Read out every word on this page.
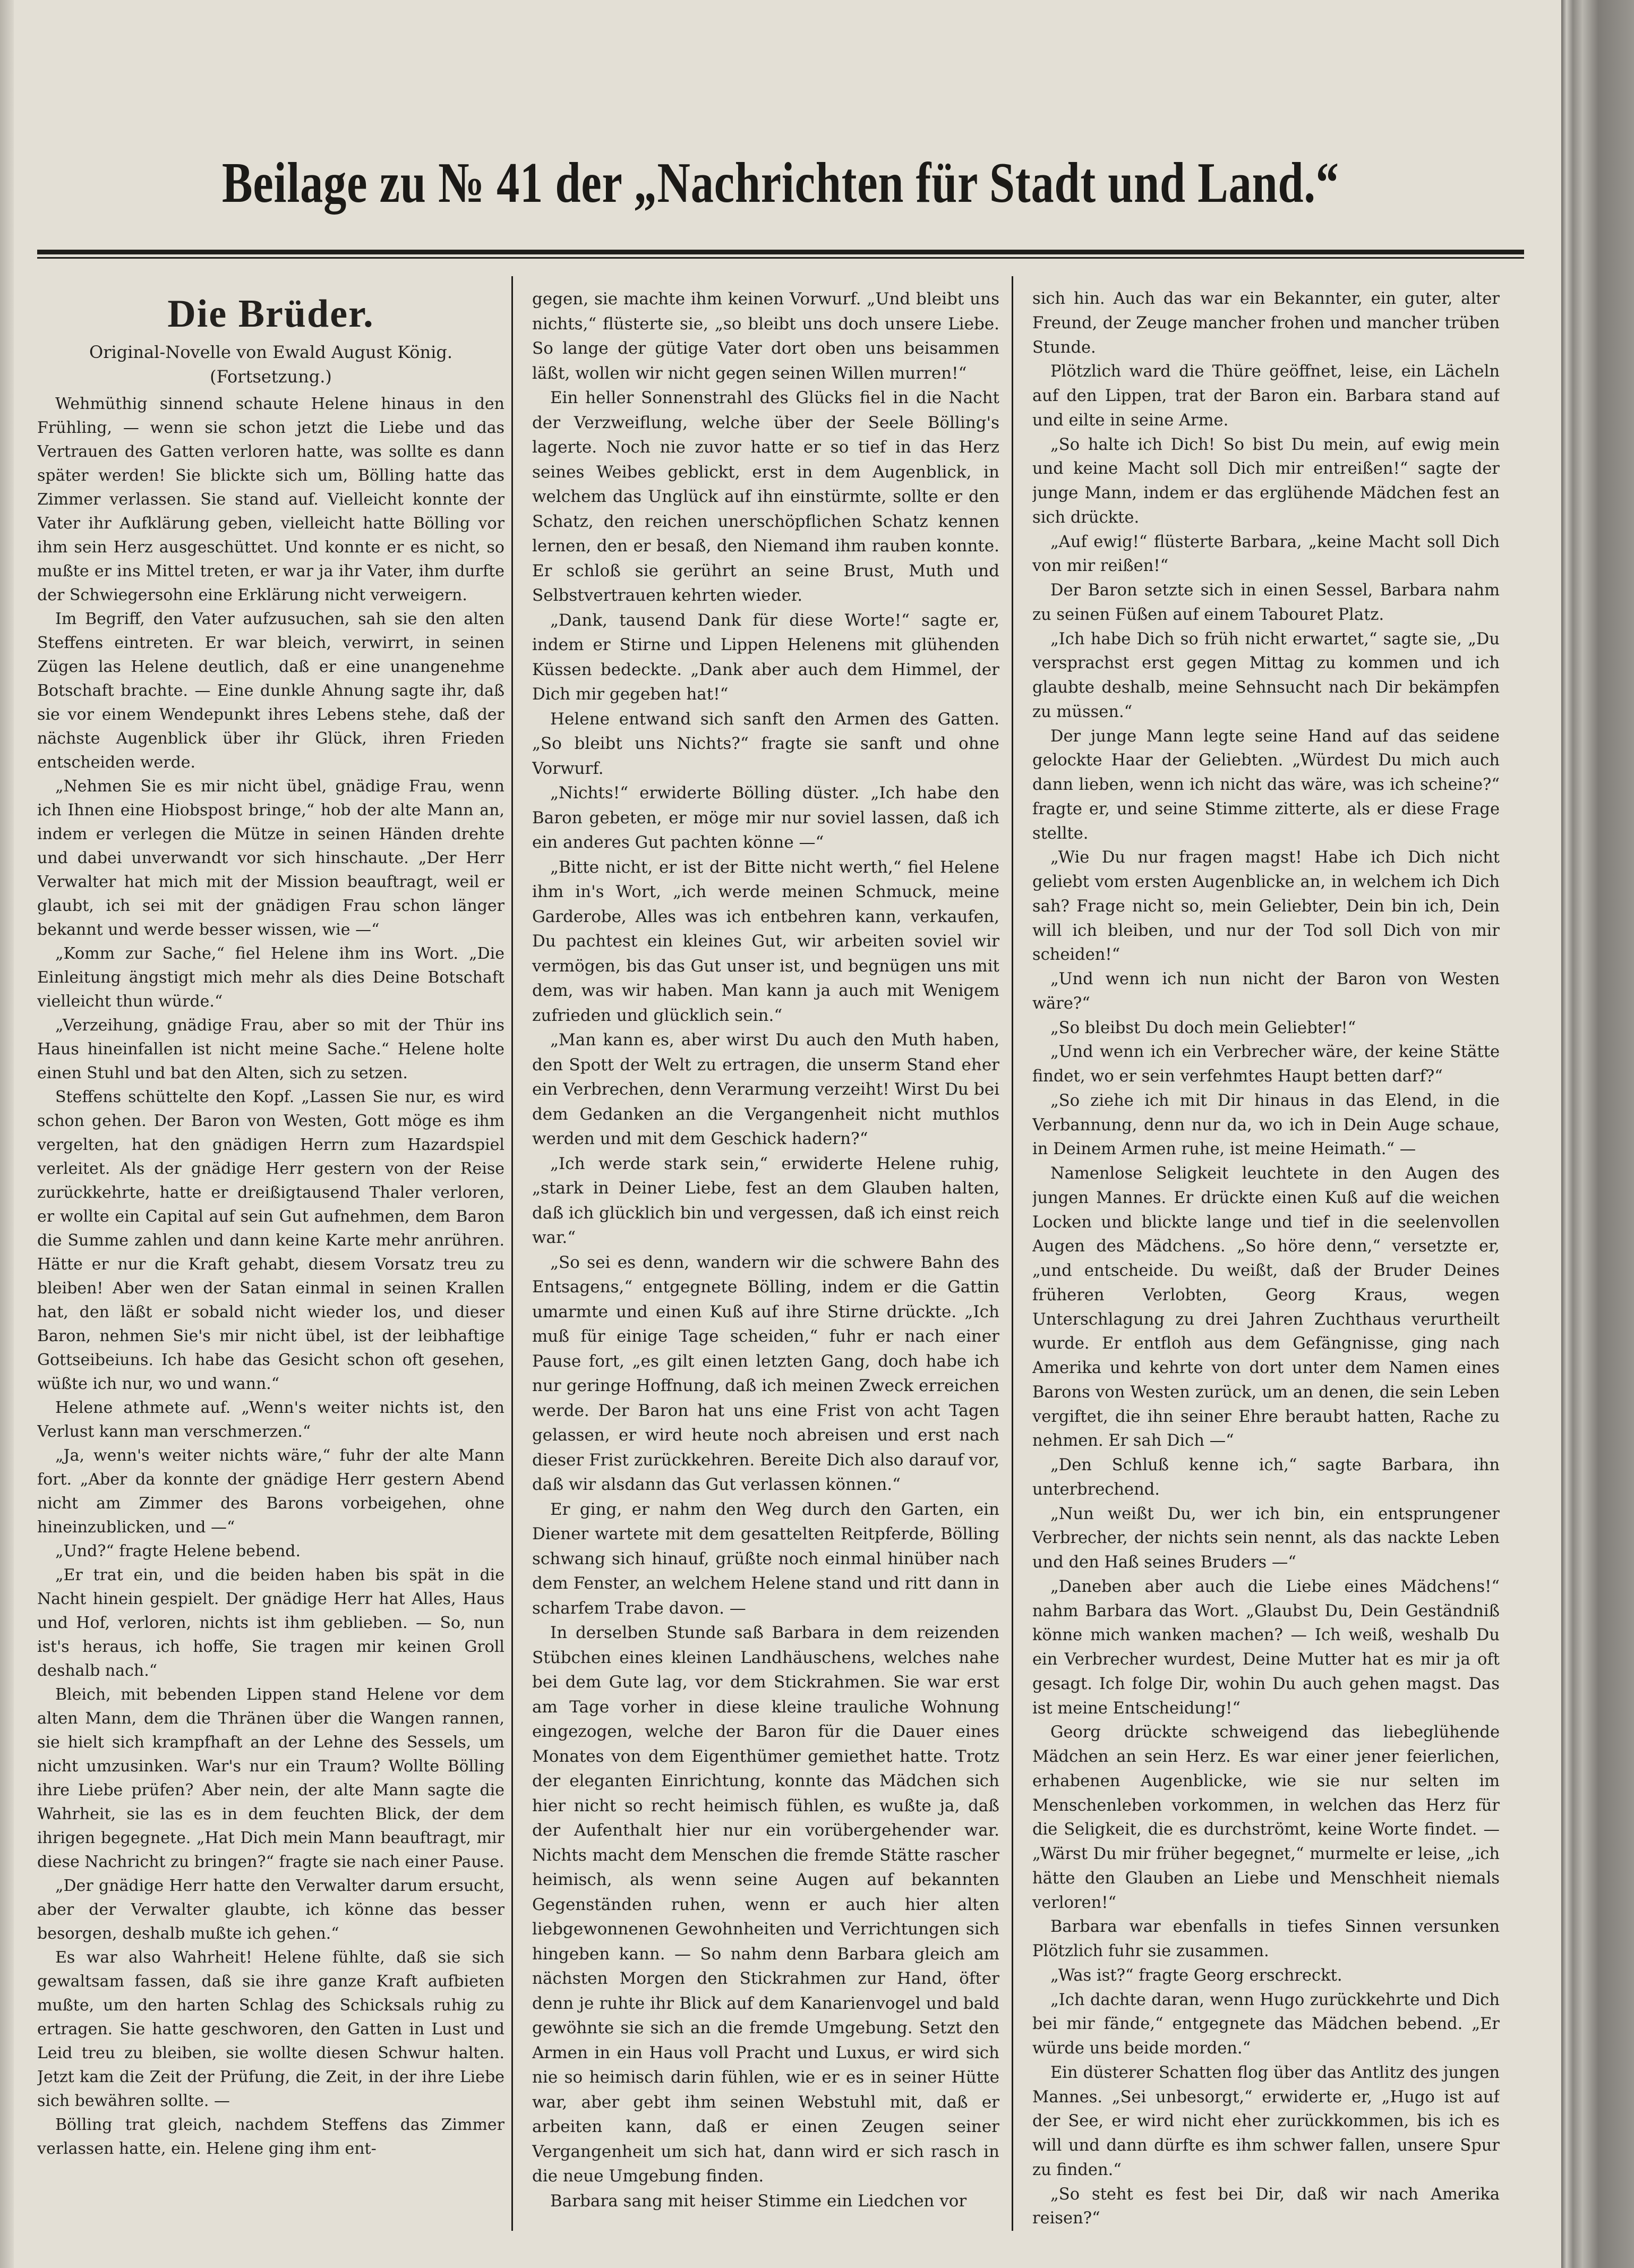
Beilage zu № 41 der „Nachrichten für Stadt und Land.“
Die Brüder.
Original-Novelle von Ewald August König.
(Fortsetzung.)

Wehmüthig sinnend schaute Helene hinaus in den Frühling, — wenn sie schon jetzt die Liebe und das Vertrauen des Gatten verloren hatte, was sollte es dann später werden! Sie blickte sich um, Bölling hatte das Zimmer verlassen. Sie stand auf. Vielleicht konnte der Vater ihr Aufklärung geben, vielleicht hatte Bölling vor ihm sein Herz ausgeschüttet. Und konnte er es nicht, so mußte er ins Mittel treten, er war ja ihr Vater, ihm durfte der Schwiegersohn eine Erklärung nicht verweigern.

Im Begriff, den Vater aufzusuchen, sah sie den alten Steffens eintreten. Er war bleich, verwirrt, in seinen Zügen las Helene deutlich, daß er eine unangenehme Botschaft brachte. — Eine dunkle Ahnung sagte ihr, daß sie vor einem Wendepunkt ihres Lebens stehe, daß der nächste Augenblick über ihr Glück, ihren Frieden entscheiden werde.

„Nehmen Sie es mir nicht übel, gnädige Frau, wenn ich Ihnen eine Hiobspost bringe,“ hob der alte Mann an, indem er verlegen die Mütze in seinen Händen drehte und dabei unverwandt vor sich hinschaute. „Der Herr Verwalter hat mich mit der Mission beauftragt, weil er glaubt, ich sei mit der gnädigen Frau schon länger bekannt und werde besser wissen, wie —“

„Komm zur Sache,“ fiel Helene ihm ins Wort. „Die Einleitung ängstigt mich mehr als dies Deine Botschaft vielleicht thun würde.“

„Verzeihung, gnädige Frau, aber so mit der Thür ins Haus hineinfallen ist nicht meine Sache.“ Helene holte einen Stuhl und bat den Alten, sich zu setzen.

Steffens schüttelte den Kopf. „Lassen Sie nur, es wird schon gehen. Der Baron von Westen, Gott möge es ihm vergelten, hat den gnädigen Herrn zum Hazardspiel verleitet. Als der gnädige Herr gestern von der Reise zurückkehrte, hatte er dreißigtausend Thaler verloren, er wollte ein Capital auf sein Gut aufnehmen, dem Baron die Summe zahlen und dann keine Karte mehr anrühren. Hätte er nur die Kraft gehabt, diesem Vorsatz treu zu bleiben! Aber wen der Satan einmal in seinen Krallen hat, den läßt er sobald nicht wieder los, und dieser Baron, nehmen Sie's mir nicht übel, ist der leibhaftige Gottseibeiuns. Ich habe das Gesicht schon oft gesehen, wüßte ich nur, wo und wann.“

Helene athmete auf. „Wenn's weiter nichts ist, den Verlust kann man verschmerzen.“

„Ja, wenn's weiter nichts wäre,“ fuhr der alte Mann fort. „Aber da konnte der gnädige Herr gestern Abend nicht am Zimmer des Barons vorbeigehen, ohne hineinzublicken, und —“

„Und?“ fragte Helene bebend.

„Er trat ein, und die beiden haben bis spät in die Nacht hinein gespielt. Der gnädige Herr hat Alles, Haus und Hof, verloren, nichts ist ihm geblieben. — So, nun ist's heraus, ich hoffe, Sie tragen mir keinen Groll deshalb nach.“

Bleich, mit bebenden Lippen stand Helene vor dem alten Mann, dem die Thränen über die Wangen rannen, sie hielt sich krampfhaft an der Lehne des Sessels, um nicht umzusinken. War's nur ein Traum? Wollte Bölling ihre Liebe prüfen? Aber nein, der alte Mann sagte die Wahrheit, sie las es in dem feuchten Blick, der dem ihrigen begegnete. „Hat Dich mein Mann beauftragt, mir diese Nachricht zu bringen?“ fragte sie nach einer Pause.

„Der gnädige Herr hatte den Verwalter darum ersucht, aber der Verwalter glaubte, ich könne das besser besorgen, deshalb mußte ich gehen.“

Es war also Wahrheit! Helene fühlte, daß sie sich gewaltsam fassen, daß sie ihre ganze Kraft aufbieten mußte, um den harten Schlag des Schicksals ruhig zu ertragen. Sie hatte geschworen, den Gatten in Lust und Leid treu zu bleiben, sie wollte diesen Schwur halten. Jetzt kam die Zeit der Prüfung, die Zeit, in der ihre Liebe sich bewähren sollte. —

Bölling trat gleich, nachdem Steffens das Zimmer verlassen hatte, ein. Helene ging ihm ent-

gegen, sie machte ihm keinen Vorwurf. „Und bleibt uns nichts,“ flüsterte sie, „so bleibt uns doch unsere Liebe. So lange der gütige Vater dort oben uns beisammen läßt, wollen wir nicht gegen seinen Willen murren!“

Ein heller Sonnenstrahl des Glücks fiel in die Nacht der Verzweiflung, welche über der Seele Bölling's lagerte. Noch nie zuvor hatte er so tief in das Herz seines Weibes geblickt, erst in dem Augenblick, in welchem das Unglück auf ihn einstürmte, sollte er den Schatz, den reichen unerschöpflichen Schatz kennen lernen, den er besaß, den Niemand ihm rauben konnte. Er schloß sie gerührt an seine Brust, Muth und Selbstvertrauen kehrten wieder.

„Dank, tausend Dank für diese Worte!“ sagte er, indem er Stirne und Lippen Helenens mit glühenden Küssen bedeckte. „Dank aber auch dem Himmel, der Dich mir gegeben hat!“

Helene entwand sich sanft den Armen des Gatten. „So bleibt uns Nichts?“ fragte sie sanft und ohne Vorwurf.

„Nichts!“ erwiderte Bölling düster. „Ich habe den Baron gebeten, er möge mir nur soviel lassen, daß ich ein anderes Gut pachten könne —“

„Bitte nicht, er ist der Bitte nicht werth,“ fiel Helene ihm in's Wort, „ich werde meinen Schmuck, meine Garderobe, Alles was ich entbehren kann, verkaufen, Du pachtest ein kleines Gut, wir arbeiten soviel wir vermögen, bis das Gut unser ist, und begnügen uns mit dem, was wir haben. Man kann ja auch mit Wenigem zufrieden und glücklich sein.“

„Man kann es, aber wirst Du auch den Muth haben, den Spott der Welt zu ertragen, die unserm Stand eher ein Verbrechen, denn Verarmung verzeiht! Wirst Du bei dem Gedanken an die Vergangenheit nicht muthlos werden und mit dem Geschick hadern?“

„Ich werde stark sein,“ erwiderte Helene ruhig, „stark in Deiner Liebe, fest an dem Glauben halten, daß ich glücklich bin und vergessen, daß ich einst reich war.“

„So sei es denn, wandern wir die schwere Bahn des Entsagens,“ entgegnete Bölling, indem er die Gattin umarmte und einen Kuß auf ihre Stirne drückte. „Ich muß für einige Tage scheiden,“ fuhr er nach einer Pause fort, „es gilt einen letzten Gang, doch habe ich nur geringe Hoffnung, daß ich meinen Zweck erreichen werde. Der Baron hat uns eine Frist von acht Tagen gelassen, er wird heute noch abreisen und erst nach dieser Frist zurückkehren. Bereite Dich also darauf vor, daß wir alsdann das Gut verlassen können.“

Er ging, er nahm den Weg durch den Garten, ein Diener wartete mit dem gesattelten Reitpferde, Bölling schwang sich hinauf, grüßte noch einmal hinüber nach dem Fenster, an welchem Helene stand und ritt dann in scharfem Trabe davon. —

In derselben Stunde saß Barbara in dem reizenden Stübchen eines kleinen Landhäuschens, welches nahe bei dem Gute lag, vor dem Stickrahmen. Sie war erst am Tage vorher in diese kleine trauliche Wohnung eingezogen, welche der Baron für die Dauer eines Monates von dem Eigenthümer gemiethet hatte. Trotz der eleganten Einrichtung, konnte das Mädchen sich hier nicht so recht heimisch fühlen, es wußte ja, daß der Aufenthalt hier nur ein vorübergehender war. Nichts macht dem Menschen die fremde Stätte rascher heimisch, als wenn seine Augen auf bekannten Gegenständen ruhen, wenn er auch hier alten liebgewonnenen Gewohnheiten und Verrichtungen sich hingeben kann. — So nahm denn Barbara gleich am nächsten Morgen den Stickrahmen zur Hand, öfter denn je ruhte ihr Blick auf dem Kanarienvogel und bald gewöhnte sie sich an die fremde Umgebung. Setzt den Armen in ein Haus voll Pracht und Luxus, er wird sich nie so heimisch darin fühlen, wie er es in seiner Hütte war, aber gebt ihm seinen Webstuhl mit, daß er arbeiten kann, daß er einen Zeugen seiner Vergangenheit um sich hat, dann wird er sich rasch in die neue Umgebung finden.

Barbara sang mit heiser Stimme ein Liedchen vor

sich hin. Auch das war ein Bekannter, ein guter, alter Freund, der Zeuge mancher frohen und mancher trüben Stunde.

Plötzlich ward die Thüre geöffnet, leise, ein Lächeln auf den Lippen, trat der Baron ein. Barbara stand auf und eilte in seine Arme.

„So halte ich Dich! So bist Du mein, auf ewig mein und keine Macht soll Dich mir entreißen!“ sagte der junge Mann, indem er das erglühende Mädchen fest an sich drückte.

„Auf ewig!“ flüsterte Barbara, „keine Macht soll Dich von mir reißen!“

Der Baron setzte sich in einen Sessel, Barbara nahm zu seinen Füßen auf einem Tabouret Platz.

„Ich habe Dich so früh nicht erwartet,“ sagte sie, „Du versprachst erst gegen Mittag zu kommen und ich glaubte deshalb, meine Sehnsucht nach Dir bekämpfen zu müssen.“

Der junge Mann legte seine Hand auf das seidene gelockte Haar der Geliebten. „Würdest Du mich auch dann lieben, wenn ich nicht das wäre, was ich scheine?“ fragte er, und seine Stimme zitterte, als er diese Frage stellte.

„Wie Du nur fragen magst! Habe ich Dich nicht geliebt vom ersten Augenblicke an, in welchem ich Dich sah? Frage nicht so, mein Geliebter, Dein bin ich, Dein will ich bleiben, und nur der Tod soll Dich von mir scheiden!“

„Und wenn ich nun nicht der Baron von Westen wäre?“

„So bleibst Du doch mein Geliebter!“

„Und wenn ich ein Verbrecher wäre, der keine Stätte findet, wo er sein verfehmtes Haupt betten darf?“

„So ziehe ich mit Dir hinaus in das Elend, in die Verbannung, denn nur da, wo ich in Dein Auge schaue, in Deinem Armen ruhe, ist meine Heimath.“ —

Namenlose Seligkeit leuchtete in den Augen des jungen Mannes. Er drückte einen Kuß auf die weichen Locken und blickte lange und tief in die seelenvollen Augen des Mädchens. „So höre denn,“ versetzte er, „und entscheide. Du weißt, daß der Bruder Deines früheren Verlobten, Georg Kraus, wegen Unterschlagung zu drei Jahren Zuchthaus verurtheilt wurde. Er entfloh aus dem Gefängnisse, ging nach Amerika und kehrte von dort unter dem Namen eines Barons von Westen zurück, um an denen, die sein Leben vergiftet, die ihn seiner Ehre beraubt hatten, Rache zu nehmen. Er sah Dich —“

„Den Schluß kenne ich,“ sagte Barbara, ihn unterbrechend.

„Nun weißt Du, wer ich bin, ein entsprungener Verbrecher, der nichts sein nennt, als das nackte Leben und den Haß seines Bruders —“

„Daneben aber auch die Liebe eines Mädchens!“ nahm Barbara das Wort. „Glaubst Du, Dein Geständniß könne mich wanken machen? — Ich weiß, weshalb Du ein Verbrecher wurdest, Deine Mutter hat es mir ja oft gesagt. Ich folge Dir, wohin Du auch gehen magst. Das ist meine Entscheidung!“

Georg drückte schweigend das liebeglühende Mädchen an sein Herz. Es war einer jener feierlichen, erhabenen Augenblicke, wie sie nur selten im Menschenleben vorkommen, in welchen das Herz für die Seligkeit, die es durchströmt, keine Worte findet. — „Wärst Du mir früher begegnet,“ murmelte er leise, „ich hätte den Glauben an Liebe und Menschheit niemals verloren!“

Barbara war ebenfalls in tiefes Sinnen versunken Plötzlich fuhr sie zusammen.

„Was ist?“ fragte Georg erschreckt.

„Ich dachte daran, wenn Hugo zurückkehrte und Dich bei mir fände,“ entgegnete das Mädchen bebend. „Er würde uns beide morden.“

Ein düsterer Schatten flog über das Antlitz des jungen Mannes. „Sei unbesorgt,“ erwiderte er, „Hugo ist auf der See, er wird nicht eher zurückkommen, bis ich es will und dann dürfte es ihm schwer fallen, unsere Spur zu finden.“

„So steht es fest bei Dir, daß wir nach Amerika reisen?“
